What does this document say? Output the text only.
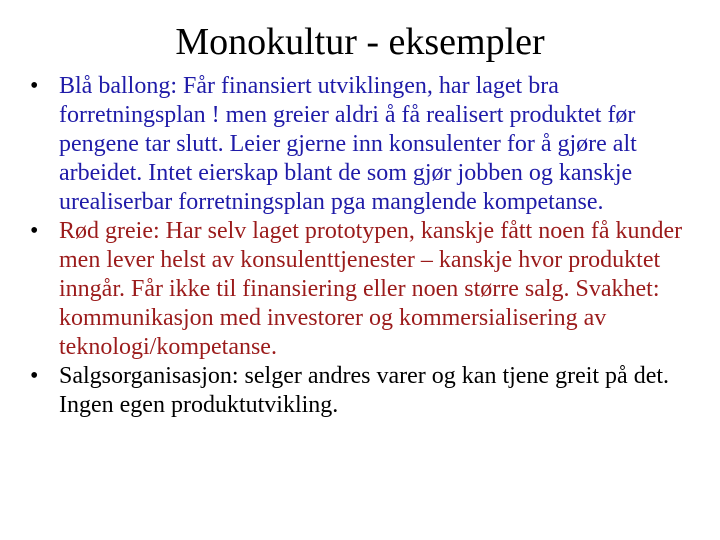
Monokultur - eksempler
• Blå ballong: Får finansiert utviklingen, har laget bra forretningsplan ! men greier aldri å få realisert produktet før pengene tar slutt. Leier gjerne inn konsulenter for å gjøre alt arbeidet. Intet eierskap blant de som gjør jobben og kanskje urealiserbar forretningsplan pga manglende kompetanse.
• Rød greie: Har selv laget prototypen, kanskje fått noen få kunder men lever helst av konsulenttjenester – kanskje hvor produktet inngår. Får ikke til finansiering eller noen større salg. Svakhet: kommunikasjon med investorer og kommersialisering av teknologi/kompetanse.
• Salgsorganisasjon: selger andres varer og kan tjene greit på det. Ingen egen produktutvikling.
